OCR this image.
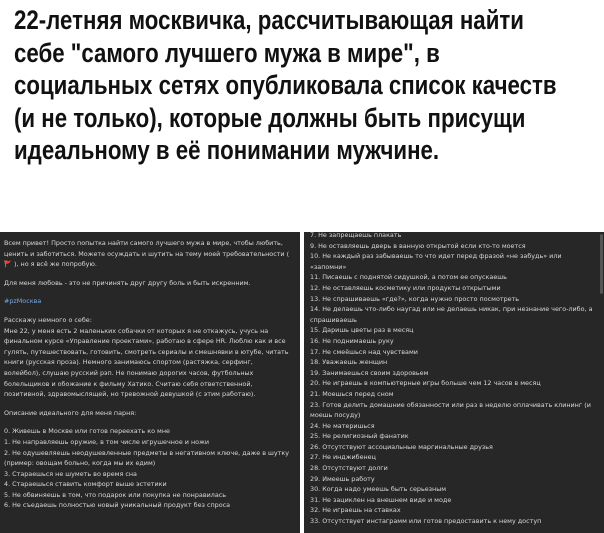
22-летняя москвичка, рассчитывающая найти
себе "самого лучшего мужа в мире", в
социальных сетях опубликовала список качеств
(и не только), которые должны быть присущи
идеальному в её понимании мужчине.
Всем привет! Просто попытка найти самого лучшего мужа в мире, чтобы любить,
ценить и заботиться. Можете осуждать и шутить на тему моей требовательности (
🚩 ), но я всё же попробую.
Для меня любовь - это не причинять друг другу боль и быть искренним.
#рzМосква
Расскажу немного о себе:
Мне 22, у меня есть 2 маленьких собачки от которых я не откажусь, учусь на
финальном курсе «Управление проектами», работаю в сфере HR. Люблю как и все
гулять, путешествовать, готовить, смотреть сериалы и смешнявки в ютубе, читать
книги (русская проза). Немного занимаюсь спортом (растяжка, серфинг,
волейбол), слушаю русский рэп. Не понимаю дорогих часов, футбольных
болельщиков и обожание к фильму Хатико. Считаю себя ответственной,
позитивной, здравомыслящей, но тревожной девушкой (с этим работаю).
Описание идеального для меня парня:
0. Живешь в Москве или готов переехать ко мне
1. Не направляешь оружие, в том числе игрушечное и ножи
2. Не одушевляешь неодушевленные предметы в негативном ключе, даже в шутку
(пример: овощам больно, когда мы их едим)
3. Стараешься не шуметь во время сна
4. Стараешься ставить комфорт выше эстетики
5. Не обвиняешь в том, что подарок или покупка не понравилась
6. Не съедаешь полностью новый уникальный продукт без спроса
7. Не запрещаешь плакать
9. Не оставляешь дверь в ванную открытой если кто-то моется
10. Не каждый раз забываешь то что идет перед фразой «не забудь» или
«запомни»
11. Писаешь с поднятой сидушкой, а потом ее опускаешь
12. Не оставляешь косметику или продукты открытыми
13. Не спрашиваешь «где?», когда нужно просто посмотреть
14. Не делаешь что-либо наугад или не делаешь никак, при незнание чего-либо, а
спрашиваешь
15. Даришь цветы раз в месяц
16. Не поднимаешь руку
17. Не смеёшься над чувствами
18. Уважаешь женщин
19. Занимаешься своим здоровьем
20. Не играешь в компьютерные игры больше чем 12 часов в месяц
21. Моешься перед сном
23. Готов делить домашние обязанности или раз в неделю оплачивать клининг (и
моешь посуду)
24. Не материшься
25. Не религиозный фанатик
26. Отсутствуют ассоциальные маргинальные друзья
27. Не инджибенец
28. Отсутствуют долги
29. Имеешь работу
30. Когда надо умеешь быть серьезным
31. Не зациклен на внешнем виде и моде
32. Не играешь на ставках
33. Отсутствует инстаграмм или готов предоставить к нему доступ
